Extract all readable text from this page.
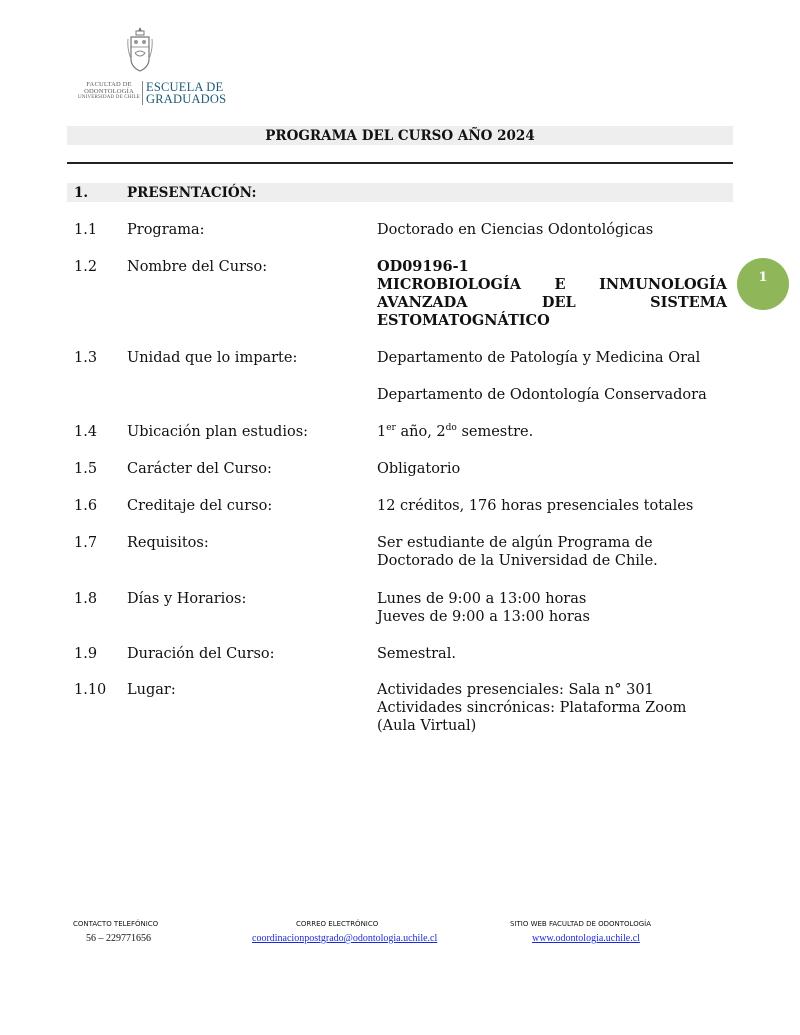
FACULTAD DE
ODONTOLOGÍA
UNIVERSIDAD DE CHILE
ESCUELA DE
GRADUADOS
PROGRAMA DEL CURSO AÑO 2024
1.	PRESENTACIÓN:
1.1 Programa:	Doctorado en Ciencias Odontológicas
1.2 Nombre del Curso:	OD09196-1
MICROBIOLOGÍA E INMUNOLOGÍA
AVANZADA DEL SISTEMA
ESTOMATOGNÁTICO
1
1.3 Unidad que lo imparte:	Departamento de Patología y Medicina Oral
Departamento de Odontología Conservadora
1.4 Ubicación plan estudios:	1er año, $2^{do}$ semestre.
1.5 Carácter del Curso:	Obligatorio
1.6 Creditaje del curso:	12 créditos, 176 horas presenciales totales
1.7 Requisitos:	Ser estudiante de algún Programa de
Doctorado de la Universidad de Chile.
1.8 Días y Horarios:	Lunes de 9:00 a 13:00 horas
Jueves de 9:00 a 13:00 horas
1.9 Duración del Curso:	Semestral.
1.10 Lugar:	Actividades presenciales: Sala n° 301
Actividades sincrónicas: Plataforma Zoom
(Aula Virtual)
CONTACTO TELEFÓNICO
56 – 229771656
CORREO ELECTRÓNICO
coordinacionpostgrado@odontologia.uchile.cl
SITIO WEB FACULTAD DE ODONTOLOGÍA
www.odontologia.uchile.cl
